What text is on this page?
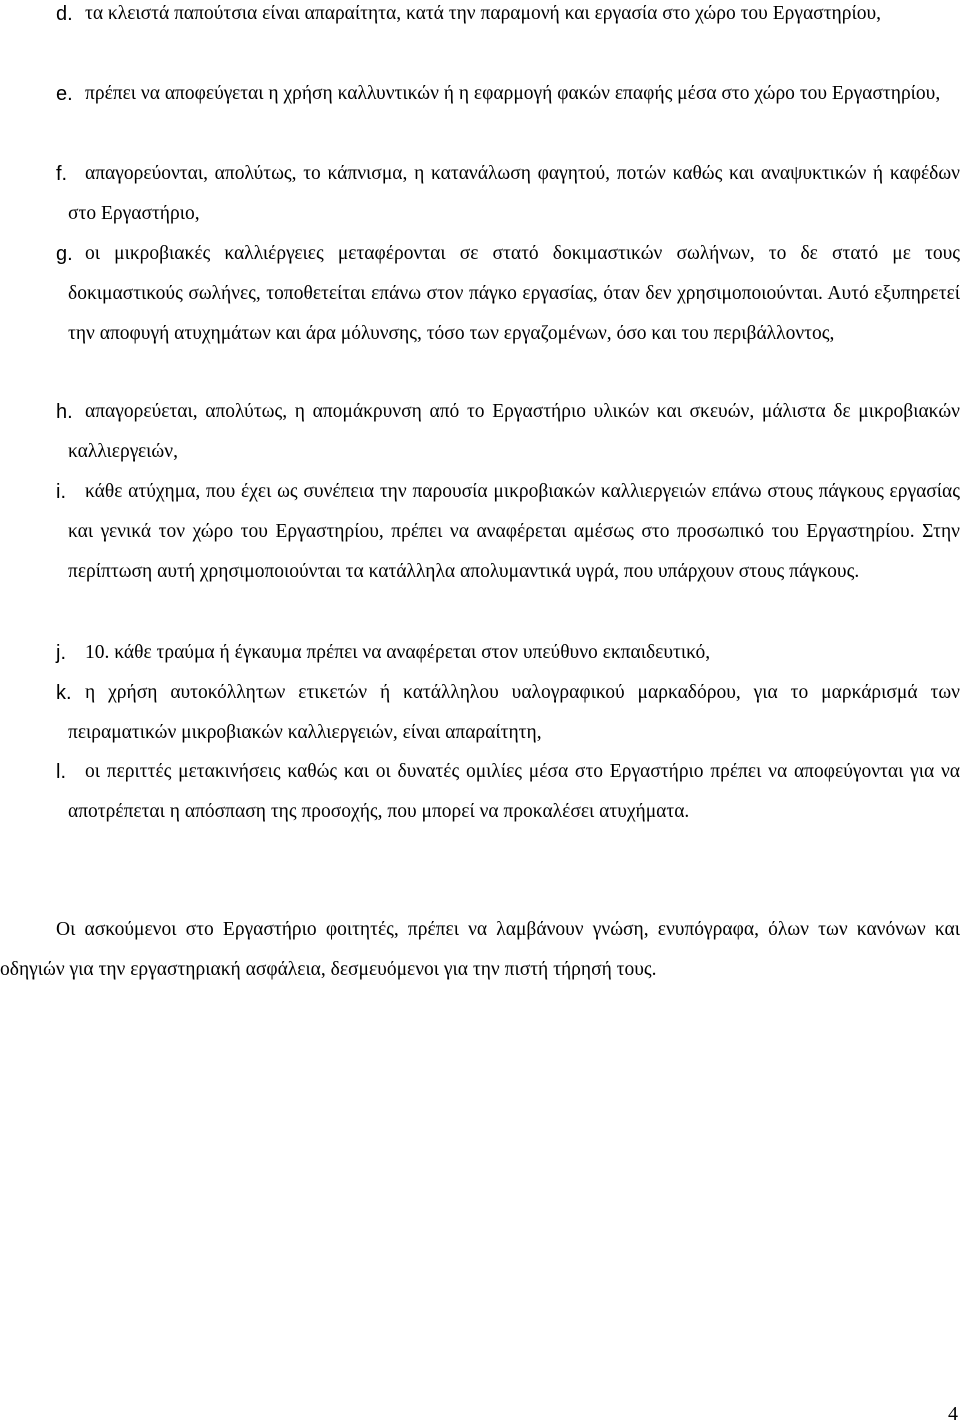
d. τα κλειστά παπούτσια είναι απαραίτητα, κατά την παραμονή και εργασία στο χώρο του Εργαστηρίου,
e. πρέπει να αποφεύγεται η χρήση καλλυντικών ή η εφαρμογή φακών επαφής μέσα στο χώρο του Εργαστηρίου,
f. απαγορεύονται, απολύτως, το κάπνισμα, η κατανάλωση φαγητού, ποτών καθώς και αναψυκτικών ή καφέδων στο Εργαστήριο,
g. οι μικροβιακές καλλιέργειες μεταφέρονται σε στατό δοκιμαστικών σωλήνων, το δε στατό με τους δοκιμαστικούς σωλήνες, τοποθετείται επάνω στον πάγκο εργασίας, όταν δεν χρησιμοποιούνται. Αυτό εξυπηρετεί την αποφυγή ατυχημάτων και άρα μόλυνσης, τόσο των εργαζομένων, όσο και του περιβάλλοντος,
h. απαγορεύεται, απολύτως, η απομάκρυνση από το Εργαστήριο υλικών και σκευών, μάλιστα δε μικροβιακών καλλιεργειών,
i. κάθε ατύχημα, που έχει ως συνέπεια την παρουσία μικροβιακών καλλιεργειών επάνω στους πάγκους εργασίας και γενικά τον χώρο του Εργαστηρίου, πρέπει να αναφέρεται αμέσως στο προσωπικό του Εργαστηρίου. Στην περίπτωση αυτή χρησιμοποιούνται τα κατάλληλα απολυμαντικά υγρά, που υπάρχουν στους πάγκους.
j. 10. κάθε τραύμα ή έγκαυμα πρέπει να αναφέρεται στον υπεύθυνο εκπαιδευτικό,
k. η χρήση αυτοκόλλητων ετικετών ή κατάλληλου υαλογραφικού μαρκαδόρου, για το μαρκάρισμά των πειραματικών μικροβιακών καλλιεργειών, είναι απαραίτητη,
l. οι περιττές μετακινήσεις καθώς και οι δυνατές ομιλίες μέσα στο Εργαστήριο πρέπει να αποφεύγονται για να αποτρέπεται η απόσπαση της προσοχής, που μπορεί να προκαλέσει ατυχήματα.
Οι ασκούμενοι στο Εργαστήριο φοιτητές, πρέπει να λαμβάνουν γνώση, ενυπόγραφα, όλων των κανόνων και οδηγιών για την εργαστηριακή ασφάλεια, δεσμευόμενοι για την πιστή τήρησή τους.
4
